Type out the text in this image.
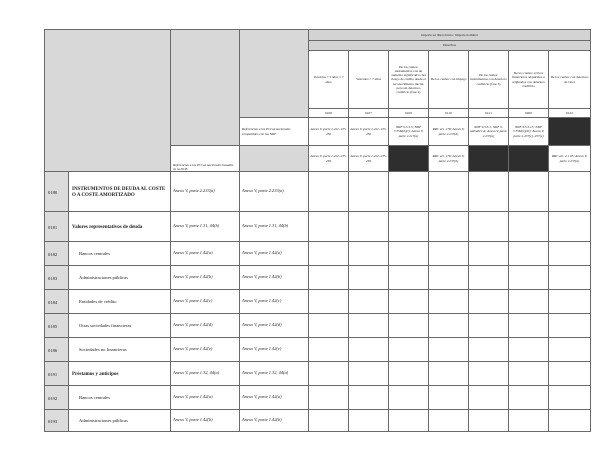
				importe en libros bruto / importe nominal						
				Derechos						
				Vencidos > 5 años ≤ 7 años	Vencidos > 7 años	De los cuales: instrumentos con un aumento significativo del riesgo de crédito desde el reconocimiento inicial, pero sin deterioro crediticio (fase 2)	De los cuales: con impago	De los cuales: instrumentos con deterioro crediticio (fase 3)	De los cuales: activos financieros adquiridos u originados con deterioro crediticio	De los cuales: con deterioro de valor
				0106	0107	0109	0110	0121	0400	0122
			Referencias a los PCGA nacionales compatibles con las NIIF	Anexo V, parte 2.222, 235, 236	Anexo V, parte 2.222, 235, 236	NIIF 9.5.5.3; NIIF 7.35M(b)(i); Anexo V, parte 2.217(a)	RRC art. 178; Anexo V, parte 2.237(b)	NIIF 9.5.5.1; NIIF 9, apéndice A; Anexo V, parte 2.237(a)	NIIF 9.5.5.13; NIIF 7.35M(c)(iii); Anexo V, parte 2.237(c), 237(e)	
		Referencias a los PCGA nacionales basados en la DCB		Anexo V, parte 2.222, 235, 236	Anexo V, parte 2.222, 235, 236		RRC art. 178; Anexo V, parte 2.237(b)			RRC art. 4 1 95; Anexo V, parte 2.237(a)
0180	INSTRUMENTOS DE DEUDA AL COSTE O A COSTE AMORTIZADO	Anexo V, parte 2.233(a)	Anexo V, parte 2.233(a)							
0181	Valores representativos de deuda	Anexo V, parte 1.31, 44(b)	Anexo V, parte 1.31, 44(b)							
0182	Bancos centrales	Anexo V, parte 1.42(a)	Anexo V, parte 1.42(a)							
0183	Administraciones públicas	Anexo V, parte 1.42(b)	Anexo V, parte 1.42(b)							
0184	Entidades de crédito	Anexo V, parte 1.42(c)	Anexo V, parte 1.42(c)							
0185	Otras sociedades financieras	Anexo V, parte 1.42(d)	Anexo V, parte 1.42(d)							
0186	Sociedades no financieras	Anexo V, parte 1.42(e)	Anexo V, parte 1.42(e)							
0191	Préstamos y anticipos	Anexo V, parte 1.32, 44(a)	Anexo V, parte 1.32, 44(a)							
0192	Bancos centrales	Anexo V, parte 1.42(a)	Anexo V, parte 1.42(a)							
0193	Administraciones públicas	Anexo V, parte 1.42(b)	Anexo V, parte 1.42(b)							
